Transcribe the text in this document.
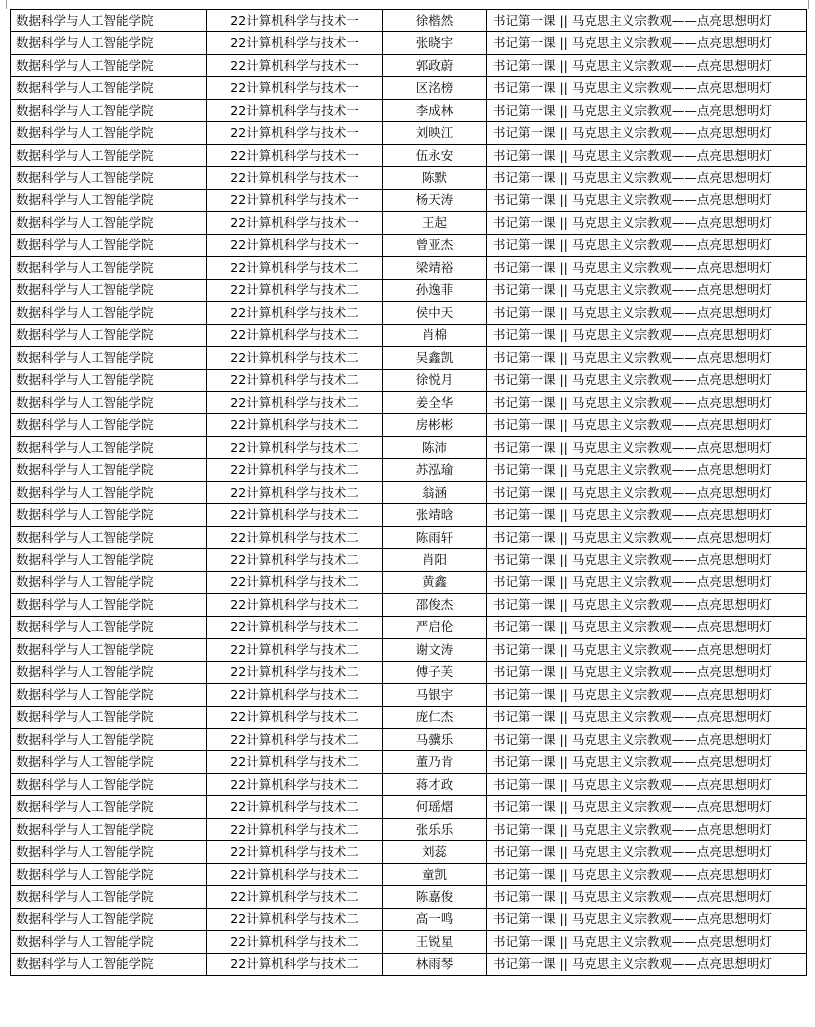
数据科学与人工智能学院	22计算机科学与技术一	徐楷然	书记第一课 || 马克思主义宗教观——点亮思想明灯
数据科学与人工智能学院	22计算机科学与技术一	张晓宇	书记第一课 || 马克思主义宗教观——点亮思想明灯
数据科学与人工智能学院	22计算机科学与技术一	郭政蔚	书记第一课 || 马克思主义宗教观——点亮思想明灯
数据科学与人工智能学院	22计算机科学与技术一	区洺榜	书记第一课 || 马克思主义宗教观——点亮思想明灯
数据科学与人工智能学院	22计算机科学与技术一	李成林	书记第一课 || 马克思主义宗教观——点亮思想明灯
数据科学与人工智能学院	22计算机科学与技术一	刘映江	书记第一课 || 马克思主义宗教观——点亮思想明灯
数据科学与人工智能学院	22计算机科学与技术一	伍永安	书记第一课 || 马克思主义宗教观——点亮思想明灯
数据科学与人工智能学院	22计算机科学与技术一	陈默	书记第一课 || 马克思主义宗教观——点亮思想明灯
数据科学与人工智能学院	22计算机科学与技术一	杨天涛	书记第一课 || 马克思主义宗教观——点亮思想明灯
数据科学与人工智能学院	22计算机科学与技术一	王起	书记第一课 || 马克思主义宗教观——点亮思想明灯
数据科学与人工智能学院	22计算机科学与技术一	曾亚杰	书记第一课 || 马克思主义宗教观——点亮思想明灯
数据科学与人工智能学院	22计算机科学与技术二	梁靖裕	书记第一课 || 马克思主义宗教观——点亮思想明灯
数据科学与人工智能学院	22计算机科学与技术二	孙逸菲	书记第一课 || 马克思主义宗教观——点亮思想明灯
数据科学与人工智能学院	22计算机科学与技术二	侯中天	书记第一课 || 马克思主义宗教观——点亮思想明灯
数据科学与人工智能学院	22计算机科学与技术二	肖棉	书记第一课 || 马克思主义宗教观——点亮思想明灯
数据科学与人工智能学院	22计算机科学与技术二	吴鑫凯	书记第一课 || 马克思主义宗教观——点亮思想明灯
数据科学与人工智能学院	22计算机科学与技术二	徐悦月	书记第一课 || 马克思主义宗教观——点亮思想明灯
数据科学与人工智能学院	22计算机科学与技术二	姜全华	书记第一课 || 马克思主义宗教观——点亮思想明灯
数据科学与人工智能学院	22计算机科学与技术二	房彬彬	书记第一课 || 马克思主义宗教观——点亮思想明灯
数据科学与人工智能学院	22计算机科学与技术二	陈沛	书记第一课 || 马克思主义宗教观——点亮思想明灯
数据科学与人工智能学院	22计算机科学与技术二	苏泓瑜	书记第一课 || 马克思主义宗教观——点亮思想明灯
数据科学与人工智能学院	22计算机科学与技术二	翁涵	书记第一课 || 马克思主义宗教观——点亮思想明灯
数据科学与人工智能学院	22计算机科学与技术二	张靖晗	书记第一课 || 马克思主义宗教观——点亮思想明灯
数据科学与人工智能学院	22计算机科学与技术二	陈雨轩	书记第一课 || 马克思主义宗教观——点亮思想明灯
数据科学与人工智能学院	22计算机科学与技术二	肖阳	书记第一课 || 马克思主义宗教观——点亮思想明灯
数据科学与人工智能学院	22计算机科学与技术二	黄鑫	书记第一课 || 马克思主义宗教观——点亮思想明灯
数据科学与人工智能学院	22计算机科学与技术二	邵俊杰	书记第一课 || 马克思主义宗教观——点亮思想明灯
数据科学与人工智能学院	22计算机科学与技术二	严启伦	书记第一课 || 马克思主义宗教观——点亮思想明灯
数据科学与人工智能学院	22计算机科学与技术二	谢文涛	书记第一课 || 马克思主义宗教观——点亮思想明灯
数据科学与人工智能学院	22计算机科学与技术二	傅子芙	书记第一课 || 马克思主义宗教观——点亮思想明灯
数据科学与人工智能学院	22计算机科学与技术二	马银宇	书记第一课 || 马克思主义宗教观——点亮思想明灯
数据科学与人工智能学院	22计算机科学与技术二	庞仁杰	书记第一课 || 马克思主义宗教观——点亮思想明灯
数据科学与人工智能学院	22计算机科学与技术二	马骥乐	书记第一课 || 马克思主义宗教观——点亮思想明灯
数据科学与人工智能学院	22计算机科学与技术二	董乃肯	书记第一课 || 马克思主义宗教观——点亮思想明灯
数据科学与人工智能学院	22计算机科学与技术二	蒋才政	书记第一课 || 马克思主义宗教观——点亮思想明灯
数据科学与人工智能学院	22计算机科学与技术二	何瑶熠	书记第一课 || 马克思主义宗教观——点亮思想明灯
数据科学与人工智能学院	22计算机科学与技术二	张乐乐	书记第一课 || 马克思主义宗教观——点亮思想明灯
数据科学与人工智能学院	22计算机科学与技术二	刘蕊	书记第一课 || 马克思主义宗教观——点亮思想明灯
数据科学与人工智能学院	22计算机科学与技术二	童凯	书记第一课 || 马克思主义宗教观——点亮思想明灯
数据科学与人工智能学院	22计算机科学与技术二	陈嘉俊	书记第一课 || 马克思主义宗教观——点亮思想明灯
数据科学与人工智能学院	22计算机科学与技术二	高一鸣	书记第一课 || 马克思主义宗教观——点亮思想明灯
数据科学与人工智能学院	22计算机科学与技术二	王锐星	书记第一课 || 马克思主义宗教观——点亮思想明灯
数据科学与人工智能学院	22计算机科学与技术二	林雨琴	书记第一课 || 马克思主义宗教观——点亮思想明灯
